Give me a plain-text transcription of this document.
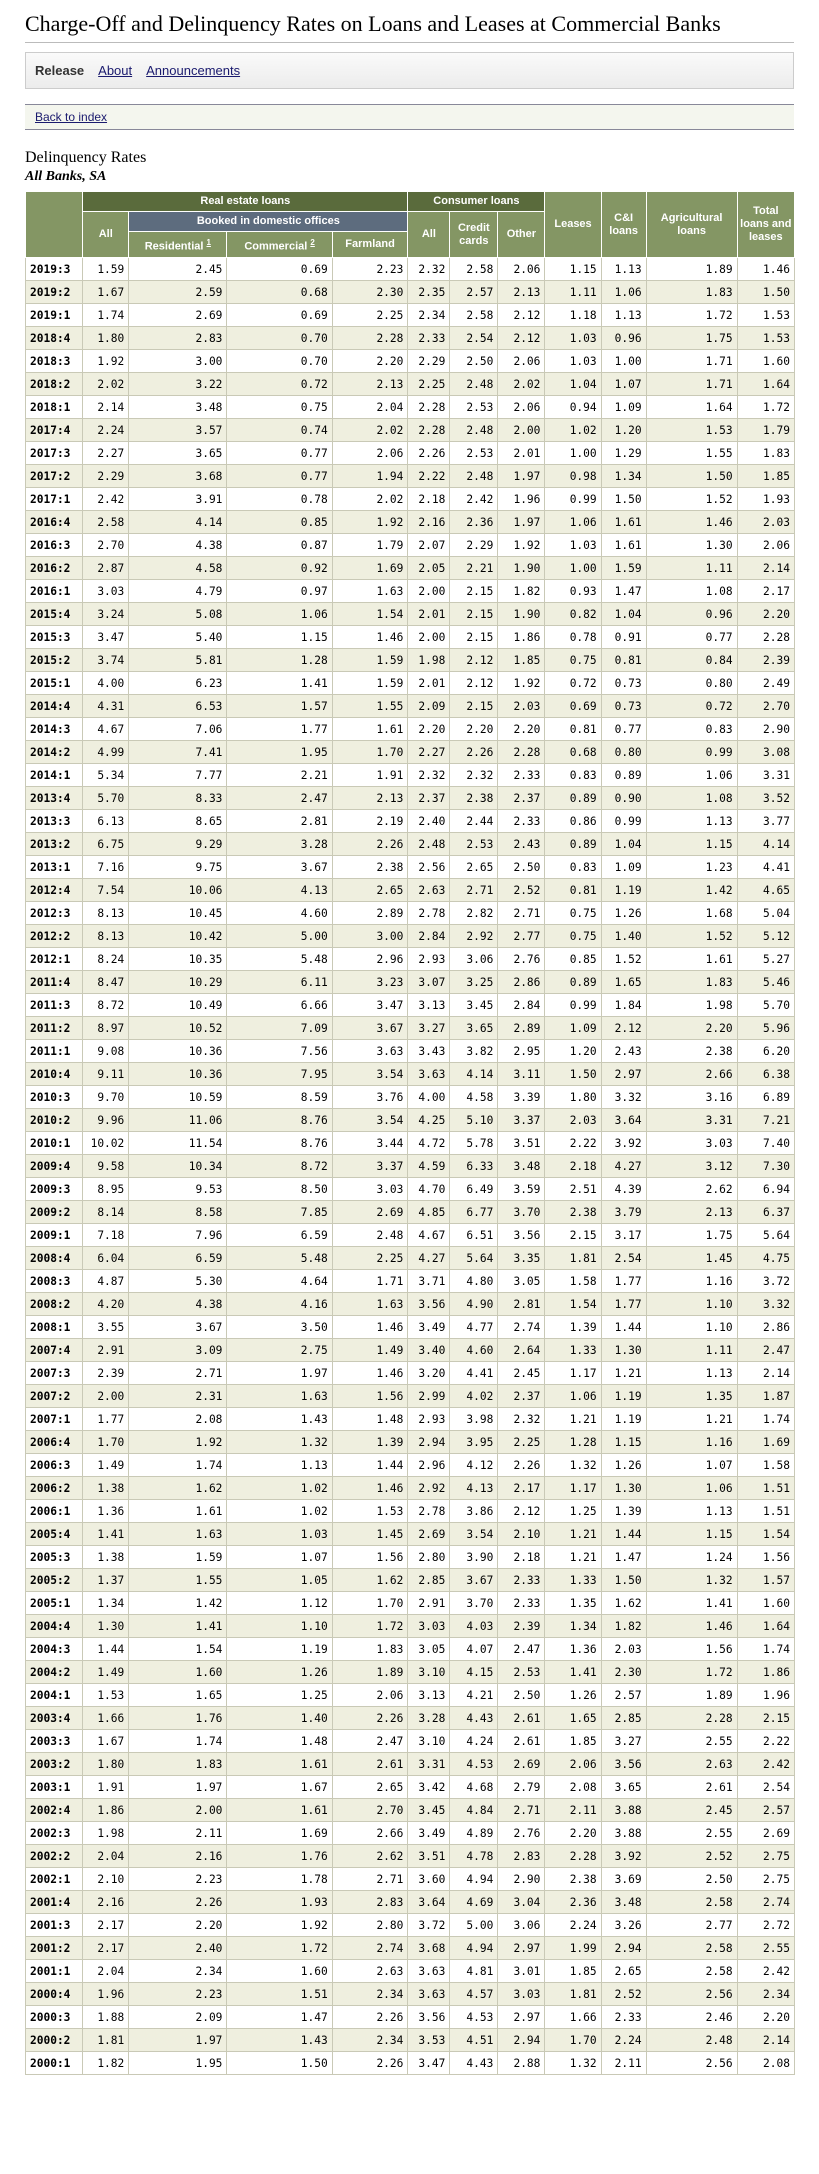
Charge-Off and Delinquency Rates on Loans and Leases at Commercial Banks
Release About Announcements
Back to index
Delinquency Rates
All Banks, SA
	Real estate loans				Consumer loans			Leases	C&I loans	Agricultural loans	Total loans and leases
	All	Booked in domestic offices			All	Credit cards	Other				
		Residential $^1$	Commercial $^2$	Farmland							
2019:3	1.59	2.45	0.69	2.23	2.32	2.58	2.06	1.15	1.13	1.89	1.46
2019:2	1.67	2.59	0.68	2.30	2.35	2.57	2.13	1.11	1.06	1.83	1.50
2019:1	1.74	2.69	0.69	2.25	2.34	2.58	2.12	1.18	1.13	1.72	1.53
2018:4	1.80	2.83	0.70	2.28	2.33	2.54	2.12	1.03	0.96	1.75	1.53
2018:3	1.92	3.00	0.70	2.20	2.29	2.50	2.06	1.03	1.00	1.71	1.60
2018:2	2.02	3.22	0.72	2.13	2.25	2.48	2.02	1.04	1.07	1.71	1.64
2018:1	2.14	3.48	0.75	2.04	2.28	2.53	2.06	0.94	1.09	1.64	1.72
2017:4	2.24	3.57	0.74	2.02	2.28	2.48	2.00	1.02	1.20	1.53	1.79
2017:3	2.27	3.65	0.77	2.06	2.26	2.53	2.01	1.00	1.29	1.55	1.83
2017:2	2.29	3.68	0.77	1.94	2.22	2.48	1.97	0.98	1.34	1.50	1.85
2017:1	2.42	3.91	0.78	2.02	2.18	2.42	1.96	0.99	1.50	1.52	1.93
2016:4	2.58	4.14	0.85	1.92	2.16	2.36	1.97	1.06	1.61	1.46	2.03
2016:3	2.70	4.38	0.87	1.79	2.07	2.29	1.92	1.03	1.61	1.30	2.06
2016:2	2.87	4.58	0.92	1.69	2.05	2.21	1.90	1.00	1.59	1.11	2.14
2016:1	3.03	4.79	0.97	1.63	2.00	2.15	1.82	0.93	1.47	1.08	2.17
2015:4	3.24	5.08	1.06	1.54	2.01	2.15	1.90	0.82	1.04	0.96	2.20
2015:3	3.47	5.40	1.15	1.46	2.00	2.15	1.86	0.78	0.91	0.77	2.28
2015:2	3.74	5.81	1.28	1.59	1.98	2.12	1.85	0.75	0.81	0.84	2.39
2015:1	4.00	6.23	1.41	1.59	2.01	2.12	1.92	0.72	0.73	0.80	2.49
2014:4	4.31	6.53	1.57	1.55	2.09	2.15	2.03	0.69	0.73	0.72	2.70
2014:3	4.67	7.06	1.77	1.61	2.20	2.20	2.20	0.81	0.77	0.83	2.90
2014:2	4.99	7.41	1.95	1.70	2.27	2.26	2.28	0.68	0.80	0.99	3.08
2014:1	5.34	7.77	2.21	1.91	2.32	2.32	2.33	0.83	0.89	1.06	3.31
2013:4	5.70	8.33	2.47	2.13	2.37	2.38	2.37	0.89	0.90	1.08	3.52
2013:3	6.13	8.65	2.81	2.19	2.40	2.44	2.33	0.86	0.99	1.13	3.77
2013:2	6.75	9.29	3.28	2.26	2.48	2.53	2.43	0.89	1.04	1.15	4.14
2013:1	7.16	9.75	3.67	2.38	2.56	2.65	2.50	0.83	1.09	1.23	4.41
2012:4	7.54	10.06	4.13	2.65	2.63	2.71	2.52	0.81	1.19	1.42	4.65
2012:3	8.13	10.45	4.60	2.89	2.78	2.82	2.71	0.75	1.26	1.68	5.04
2012:2	8.13	10.42	5.00	3.00	2.84	2.92	2.77	0.75	1.40	1.52	5.12
2012:1	8.24	10.35	5.48	2.96	2.93	3.06	2.76	0.85	1.52	1.61	5.27
2011:4	8.47	10.29	6.11	3.23	3.07	3.25	2.86	0.89	1.65	1.83	5.46
2011:3	8.72	10.49	6.66	3.47	3.13	3.45	2.84	0.99	1.84	1.98	5.70
2011:2	8.97	10.52	7.09	3.67	3.27	3.65	2.89	1.09	2.12	2.20	5.96
2011:1	9.08	10.36	7.56	3.63	3.43	3.82	2.95	1.20	2.43	2.38	6.20
2010:4	9.11	10.36	7.95	3.54	3.63	4.14	3.11	1.50	2.97	2.66	6.38
2010:3	9.70	10.59	8.59	3.76	4.00	4.58	3.39	1.80	3.32	3.16	6.89
2010:2	9.96	11.06	8.76	3.54	4.25	5.10	3.37	2.03	3.64	3.31	7.21
2010:1	10.02	11.54	8.76	3.44	4.72	5.78	3.51	2.22	3.92	3.03	7.40
2009:4	9.58	10.34	8.72	3.37	4.59	6.33	3.48	2.18	4.27	3.12	7.30
2009:3	8.95	9.53	8.50	3.03	4.70	6.49	3.59	2.51	4.39	2.62	6.94
2009:2	8.14	8.58	7.85	2.69	4.85	6.77	3.70	2.38	3.79	2.13	6.37
2009:1	7.18	7.96	6.59	2.48	4.67	6.51	3.56	2.15	3.17	1.75	5.64
2008:4	6.04	6.59	5.48	2.25	4.27	5.64	3.35	1.81	2.54	1.45	4.75
2008:3	4.87	5.30	4.64	1.71	3.71	4.80	3.05	1.58	1.77	1.16	3.72
2008:2	4.20	4.38	4.16	1.63	3.56	4.90	2.81	1.54	1.77	1.10	3.32
2008:1	3.55	3.67	3.50	1.46	3.49	4.77	2.74	1.39	1.44	1.10	2.86
2007:4	2.91	3.09	2.75	1.49	3.40	4.60	2.64	1.33	1.30	1.11	2.47
2007:3	2.39	2.71	1.97	1.46	3.20	4.41	2.45	1.17	1.21	1.13	2.14
2007:2	2.00	2.31	1.63	1.56	2.99	4.02	2.37	1.06	1.19	1.35	1.87
2007:1	1.77	2.08	1.43	1.48	2.93	3.98	2.32	1.21	1.19	1.21	1.74
2006:4	1.70	1.92	1.32	1.39	2.94	3.95	2.25	1.28	1.15	1.16	1.69
2006:3	1.49	1.74	1.13	1.44	2.96	4.12	2.26	1.32	1.26	1.07	1.58
2006:2	1.38	1.62	1.02	1.46	2.92	4.13	2.17	1.17	1.30	1.06	1.51
2006:1	1.36	1.61	1.02	1.53	2.78	3.86	2.12	1.25	1.39	1.13	1.51
2005:4	1.41	1.63	1.03	1.45	2.69	3.54	2.10	1.21	1.44	1.15	1.54
2005:3	1.38	1.59	1.07	1.56	2.80	3.90	2.18	1.21	1.47	1.24	1.56
2005:2	1.37	1.55	1.05	1.62	2.85	3.67	2.33	1.33	1.50	1.32	1.57
2005:1	1.34	1.42	1.12	1.70	2.91	3.70	2.33	1.35	1.62	1.41	1.60
2004:4	1.30	1.41	1.10	1.72	3.03	4.03	2.39	1.34	1.82	1.46	1.64
2004:3	1.44	1.54	1.19	1.83	3.05	4.07	2.47	1.36	2.03	1.56	1.74
2004:2	1.49	1.60	1.26	1.89	3.10	4.15	2.53	1.41	2.30	1.72	1.86
2004:1	1.53	1.65	1.25	2.06	3.13	4.21	2.50	1.26	2.57	1.89	1.96
2003:4	1.66	1.76	1.40	2.26	3.28	4.43	2.61	1.65	2.85	2.28	2.15
2003:3	1.67	1.74	1.48	2.47	3.10	4.24	2.61	1.85	3.27	2.55	2.22
2003:2	1.80	1.83	1.61	2.61	3.31	4.53	2.69	2.06	3.56	2.63	2.42
2003:1	1.91	1.97	1.67	2.65	3.42	4.68	2.79	2.08	3.65	2.61	2.54
2002:4	1.86	2.00	1.61	2.70	3.45	4.84	2.71	2.11	3.88	2.45	2.57
2002:3	1.98	2.11	1.69	2.66	3.49	4.89	2.76	2.20	3.88	2.55	2.69
2002:2	2.04	2.16	1.76	2.62	3.51	4.78	2.83	2.28	3.92	2.52	2.75
2002:1	2.10	2.23	1.78	2.71	3.60	4.94	2.90	2.38	3.69	2.50	2.75
2001:4	2.16	2.26	1.93	2.83	3.64	4.69	3.04	2.36	3.48	2.58	2.74
2001:3	2.17	2.20	1.92	2.80	3.72	5.00	3.06	2.24	3.26	2.77	2.72
2001:2	2.17	2.40	1.72	2.74	3.68	4.94	2.97	1.99	2.94	2.58	2.55
2001:1	2.04	2.34	1.60	2.63	3.63	4.81	3.01	1.85	2.65	2.58	2.42
2000:4	1.96	2.23	1.51	2.34	3.63	4.57	3.03	1.81	2.52	2.56	2.34
2000:3	1.88	2.09	1.47	2.26	3.56	4.53	2.97	1.66	2.33	2.46	2.20
2000:2	1.81	1.97	1.43	2.34	3.53	4.51	2.94	1.70	2.24	2.48	2.14
2000:1	1.82	1.95	1.50	2.26	3.47	4.43	2.88	1.32	2.11	2.56	2.08
